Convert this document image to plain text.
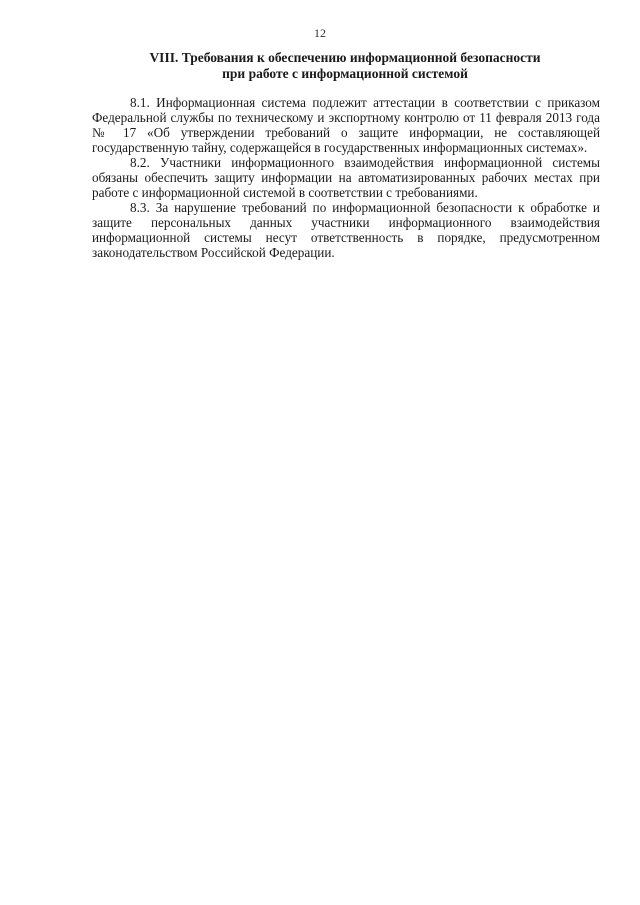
12
VIII. Требования к обеспечению информационной безопасности
при работе с информационной системой

8.1. Информационная система подлежит аттестации в соответствии с приказом Федеральной службы по техническому и экспортному контролю от 11 февраля 2013 года № 17 «Об утверждении требований о защите информации, не составляющей государственную тайну, содержащейся в государственных информационных системах».

8.2. Участники информационного взаимодействия информационной системы обязаны обеспечить защиту информации на автоматизированных рабочих местах при работе с информационной системой в соответствии с требованиями.

8.3. За нарушение требований по информационной безопасности к обработке и защите персональных данных участники информационного взаимодействия информационной системы несут ответственность в порядке, предусмотренном законодательством Российской Федерации.
